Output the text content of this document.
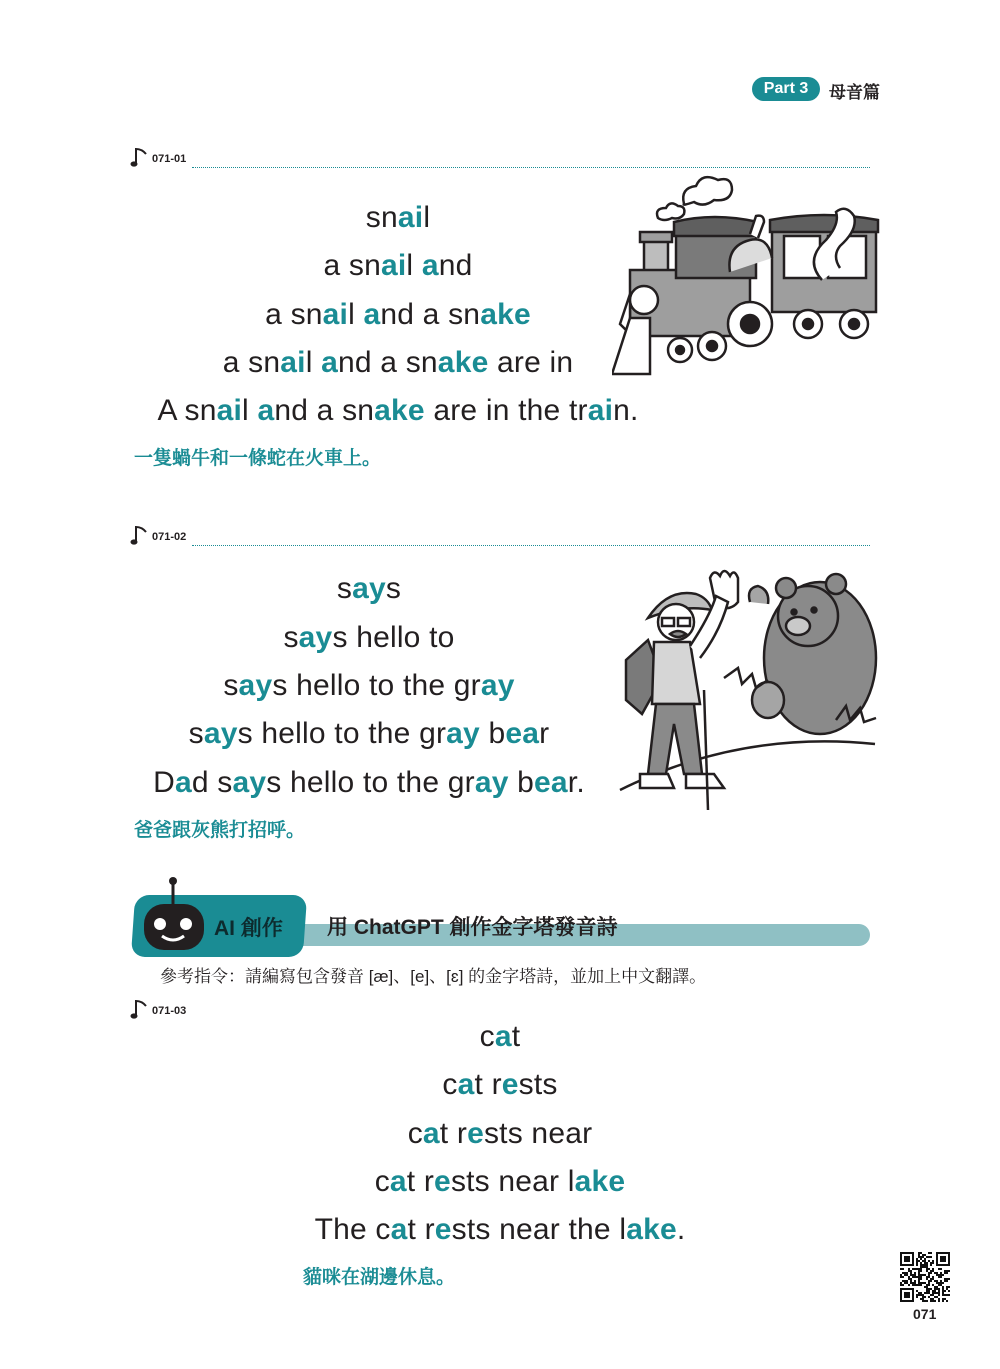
Part 3	母音篇
071-01
snail
a snail and
a snail and a snake
a snail and a snake are in
A snail and a snake are in the train.
一隻蝸牛和一條蛇在火車上。
071-02
says
says hello to
says hello to the gray
says hello to the gray bear
Dad says hello to the gray bear.
爸爸跟灰熊打招呼。
AI 創作 用 ChatGPT 創作金字塔發音詩
參考指令：請編寫包含發音 [æ]、[e]、[ɛ] 的金字塔詩，並加上中文翻譯。
071-03
cat
cat rests
cat rests near
cat rests near lake
The cat rests near the lake.
貓咪在湖邊休息。
071
